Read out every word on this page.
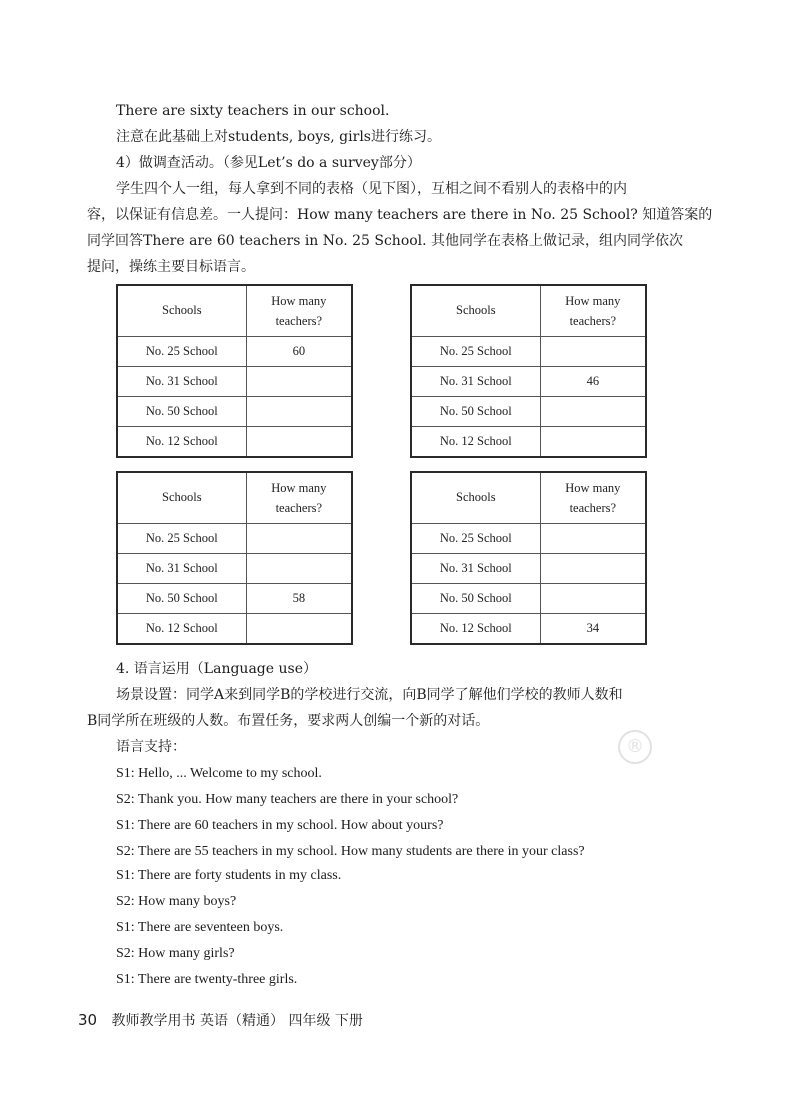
There are sixty teachers in our school.
注意在此基础上对students, boys, girls进行练习。
4）做调查活动。（参见Let’s do a survey部分）
学生四个人一组，每人拿到不同的表格（见下图），互相之间不看别人的表格中的内
容，以保证有信息差。一人提问：How many teachers are there in No. 25 School? 知道答案的
同学回答There are 60 teachers in No. 25 School. 其他同学在表格上做记录，组内同学依次
提问，操练主要目标语言。
Schools	How many
teachers?
No. 25 School	60
No. 31 School	
No. 50 School	
No. 12 School	
Schools	How many
teachers?
No. 25 School	
No. 31 School	46
No. 50 School	
No. 12 School	
Schools	How many
teachers?
No. 25 School	
No. 31 School	
No. 50 School	58
No. 12 School	
Schools	How many
teachers?
No. 25 School	
No. 31 School	
No. 50 School	
No. 12 School	34
4. 语言运用（Language use）
场景设置：同学A来到同学B的学校进行交流，向B同学了解他们学校的教师人数和
B同学所在班级的人数。布置任务，要求两人创编一个新的对话。
语言支持：	®
S1: Hello, ... Welcome to my school.
S2: Thank you. How many teachers are there in your school?
S1: There are 60 teachers in my school. How about yours?
S2: There are 55 teachers in my school. How many students are there in your class?
S1: There are forty students in my class.
S2: How many boys?
S1: There are seventeen boys.
S2: How many girls?
S1: There are twenty-three girls.
30 教师教学用书 英语（精通） 四年级 下册
